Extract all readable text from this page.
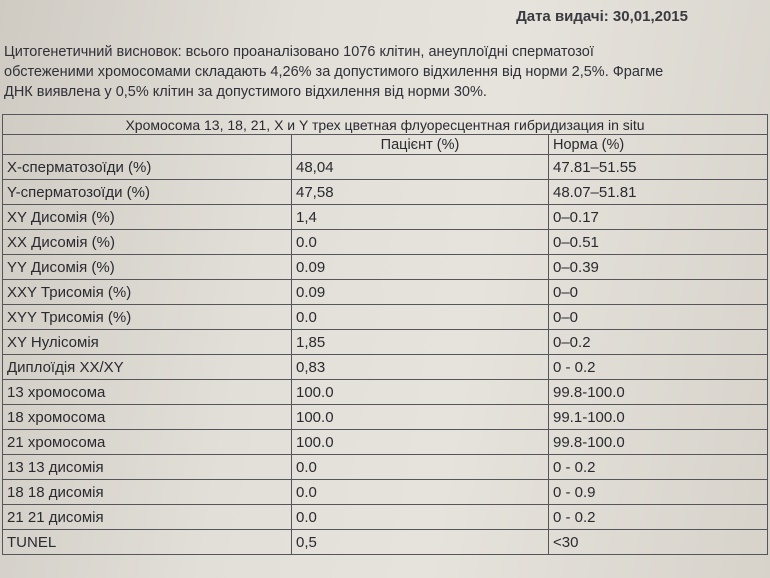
Дата видачі: 30,01,2015
Цитогенетичний висновок: всього проаналізовано 1076 клітин, анеуплоїдні сперматозої
обстеженими хромосомами складають 4,26% за допустимого відхилення від норми 2,5%. Фрагме
ДНК виявлена у 0,5% клітин за допустимого відхилення від норми 30%.
Хромосома 13, 18, 21, X и Y трех цветная флуоресцентная гибридизация in situ		
	Пацієнт (%)	Норма (%)
X-сперматозоїди (%)	48,04	47.81–51.55
Y-сперматозоїди (%)	47,58	48.07–51.81
XY Дисомія (%)	1,4	0–0.17
XX Дисомія (%)	0.0	0–0.51
YY Дисомія (%)	0.09	0–0.39
XXY Трисомія (%)	0.09	0–0
XYY Трисомія (%)	0.0	0–0
XY Нулісомія	1,85	0–0.2
Диплоїдія XX/XY	0,83	0 - 0.2
13 хромосома	100.0	99.8-100.0
18 хромосома	100.0	99.1-100.0
21 хромосома	100.0	99.8-100.0
13 13 дисомія	0.0	0 - 0.2
18 18 дисомія	0.0	0 - 0.9
21 21 дисомія	0.0	0 - 0.2
TUNEL	0,5	<30
